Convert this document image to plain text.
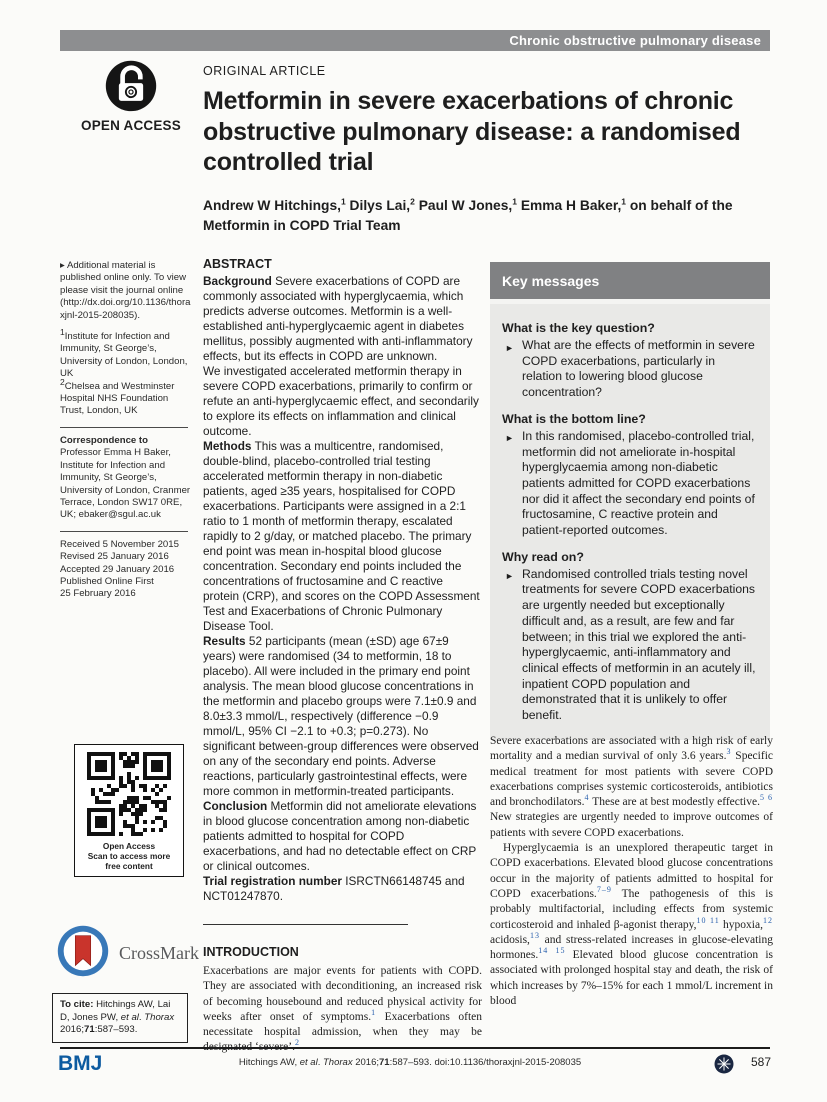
Chronic obstructive pulmonary disease
OPEN ACCESS
ORIGINAL ARTICLE
Metformin in severe exacerbations of chronic obstructive pulmonary disease: a randomised controlled trial
Andrew W Hitchings,$^1$ Dilys Lai,$^2$ Paul W Jones,$^1$ Emma H Baker,$^1$ on behalf of the Metformin in COPD Trial Team

▸ Additional material is published online only. To view please visit the journal online (http://dx.doi.org/10.1136/thoraxjnl-2015-208035).

$^1$Institute for Infection and Immunity, St George’s, University of London, London, UK

$^2$Chelsea and Westminster Hospital NHS Foundation Trust, London, UK

Correspondence to

Professor Emma H Baker, Institute for Infection and Immunity, St George’s, University of London, Cranmer Terrace, London SW17 0RE, UK; ebaker@sgul.ac.uk

Received 5 November 2015
Revised 25 January 2016
Accepted 29 January 2016
Published Online First
25 February 2016
Open Access
Scan to access more
free content
CrossMark
To cite: Hitchings AW, Lai D, Jones PW, et al. Thorax 2016;71:587–593.
ABSTRACT

Background Severe exacerbations of COPD are commonly associated with hyperglycaemia, which predicts adverse outcomes. Metformin is a well-established anti-hyperglycaemic agent in diabetes mellitus, possibly augmented with anti-inflammatory effects, but its effects in COPD are unknown.

We investigated accelerated metformin therapy in severe COPD exacerbations, primarily to confirm or refute an anti-hyperglycaemic effect, and secondarily to explore its effects on inflammation and clinical outcome.

Methods This was a multicentre, randomised, double-blind, placebo-controlled trial testing accelerated metformin therapy in non-diabetic patients, aged ≥35 years, hospitalised for COPD exacerbations. Participants were assigned in a 2:1 ratio to 1 month of metformin therapy, escalated rapidly to 2 g/day, or matched placebo. The primary end point was mean in-hospital blood glucose concentration. Secondary end points included the concentrations of fructosamine and C reactive protein (CRP), and scores on the COPD Assessment Test and Exacerbations of Chronic Pulmonary Disease Tool.

Results 52 participants (mean (±SD) age 67±9 years) were randomised (34 to metformin, 18 to placebo). All were included in the primary end point analysis. The mean blood glucose concentrations in the metformin and placebo groups were 7.1±0.9 and 8.0±3.3 mmol/L, respectively (difference −0.9 mmol/L, 95% CI −2.1 to +0.3; p=0.273). No significant between-group differences were observed on any of the secondary end points. Adverse reactions, particularly gastrointestinal effects, were more common in metformin-treated participants.

Conclusion Metformin did not ameliorate elevations in blood glucose concentration among non-diabetic patients admitted to hospital for COPD exacerbations, and had no detectable effect on CRP or clinical outcomes.

Trial registration number ISRCTN66148745 and NCT01247870.

INTRODUCTION

Exacerbations are major events for patients with COPD. They are associated with deconditioning, an increased risk of becoming housebound and reduced physical activity for weeks after onset of symptoms.$^1$ Exacerbations often necessitate hospital admission, when they may be designated ‘severe’.$^2$

Key messages
What is the key question?
► What are the effects of metformin in severe COPD exacerbations, particularly in relation to lowering blood glucose concentration?
What is the bottom line?
► In this randomised, placebo-controlled trial, metformin did not ameliorate in-hospital hyperglycaemia among non-diabetic patients admitted for COPD exacerbations nor did it affect the secondary end points of fructosamine, C reactive protein and patient-reported outcomes.
Why read on?
► Randomised controlled trials testing novel treatments for severe COPD exacerbations are urgently needed but exceptionally difficult and, as a result, are few and far between; in this trial we explored the anti-hyperglycaemic, anti-inflammatory and clinical effects of metformin in an acutely ill, inpatient COPD population and demonstrated that it is unlikely to offer benefit.

Severe exacerbations are associated with a high risk of early mortality and a median survival of only 3.6 years.$^3$ Specific medical treatment for most patients with severe COPD exacerbations comprises systemic corticosteroids, antibiotics and bronchodilators.$^4$ These are at best modestly effective.$^{5 6}$ New strategies are urgently needed to improve outcomes of patients with severe COPD exacerbations.

Hyperglycaemia is an unexplored therapeutic target in COPD exacerbations. Elevated blood glucose concentrations occur in the majority of patients admitted to hospital for COPD exacerbations.$^{7-9}$ The pathogenesis of this is probably multifactorial, including effects from systemic corticosteroid and inhaled β-agonist therapy,$^{10 11}$ hypoxia,$^{12}$ acidosis,$^{13}$ and stress-related increases in glucose-elevating hormones.$^{14 15}$ Elevated blood glucose concentration is associated with prolonged hospital stay and death, the risk of which increases by 7%–15% for each 1 mmol/L increment in blood

BMJ	Hitchings AW, et al. Thorax 2016;71:587–593. doi:10.1136/thoraxjnl-2015-208035	587
